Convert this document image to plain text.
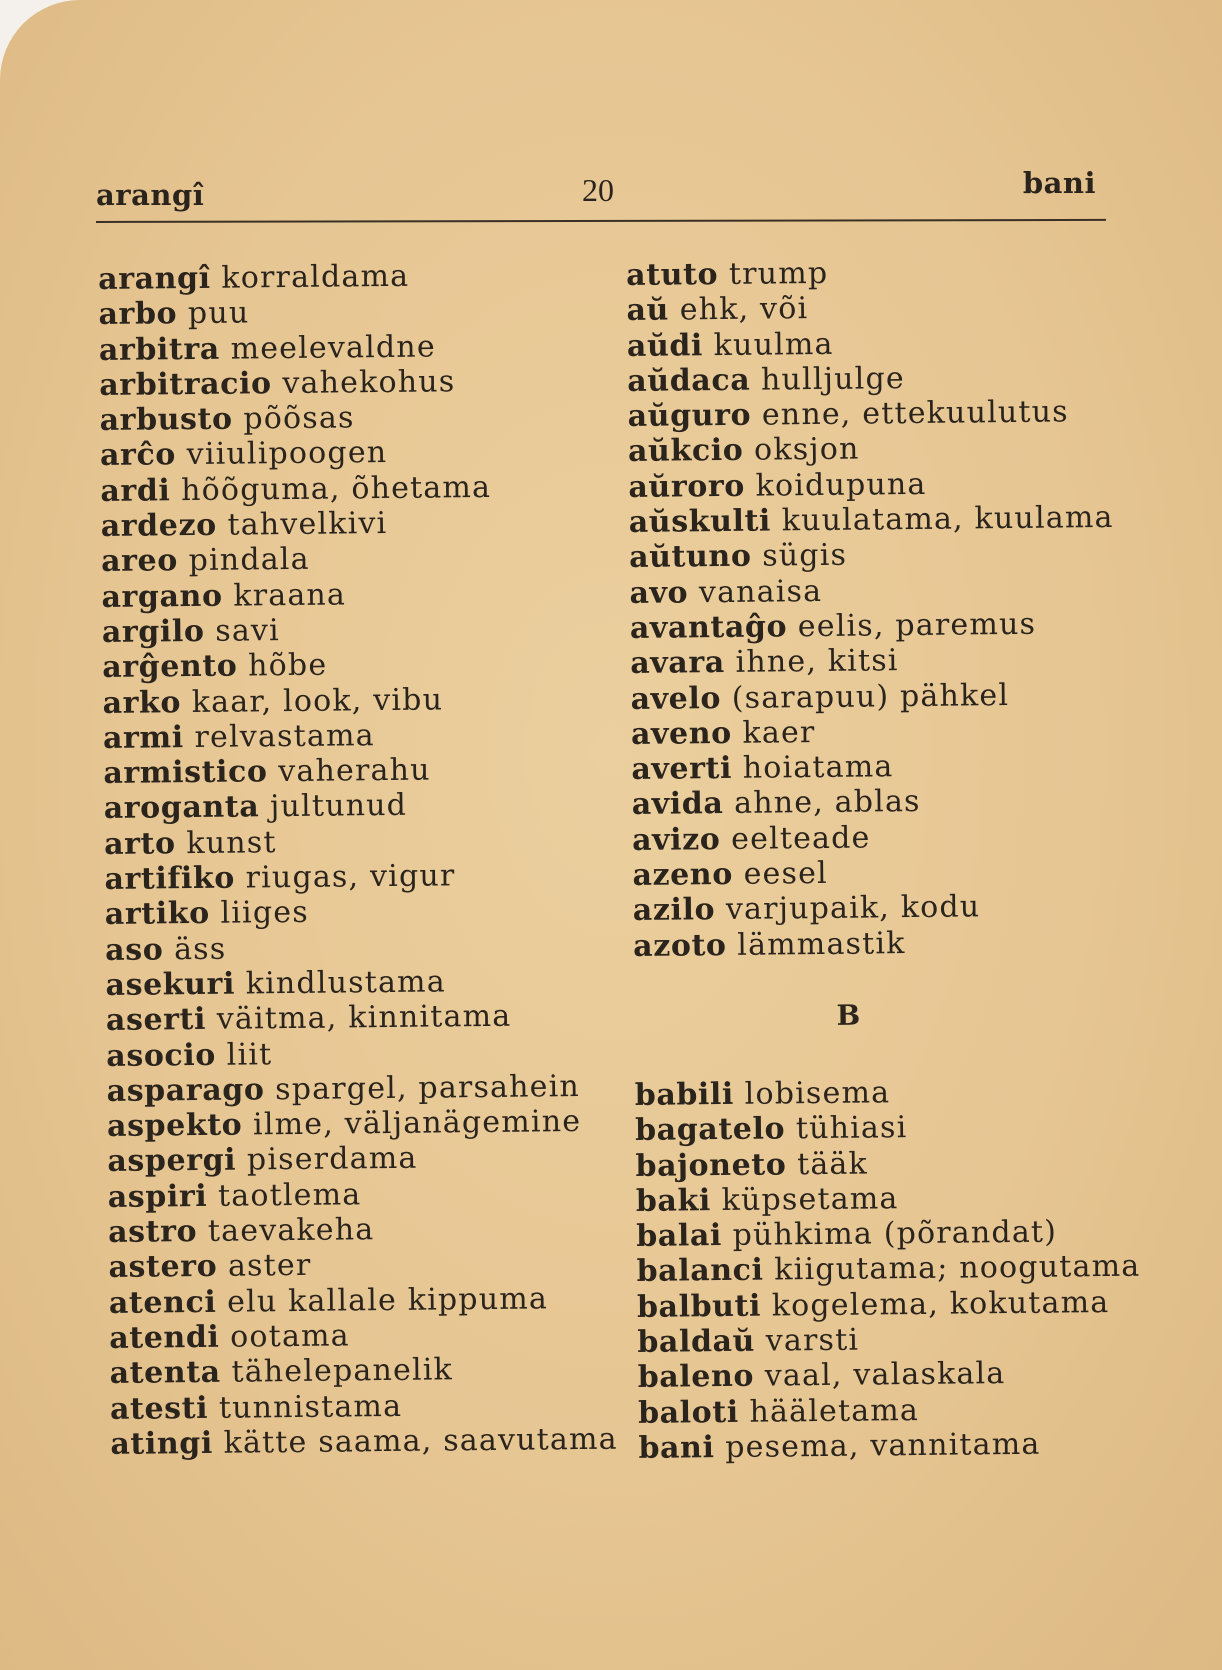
arangî	20	bani
arangî korraldama
arbo puu
arbitra meelevaldne
arbitracio vahekohus
arbusto põõsas
arĉo viiulipoogen
ardi hõõguma, õhetama
ardezo tahvelkivi
areo pindala
argano kraana
argilo savi
arĝento hõbe
arko kaar, look, vibu
armi relvastama
armistico vaherahu
aroganta jultunud
arto kunst
artifiko riugas, vigur
artiko liiges
aso äss
asekuri kindlustama
aserti väitma, kinnitama
asocio liit
asparago spargel, parsahein
aspekto ilme, väljanägemine
aspergi piserdama
aspiri taotlema
astro taevakeha
astero aster
atenci elu kallale kippuma
atendi ootama
atenta tähelepanelik
atesti tunnistama
atingi kätte saama, saavutama
atuto trump
aŭ ehk, või
aŭdi kuulma
aŭdaca hulljulge
aŭguro enne, ettekuulutus
aŭkcio oksjon
aŭroro koidupuna
aŭskulti kuulatama, kuulama
aŭtuno sügis
avo vanaisa
avantaĝo eelis, paremus
avara ihne, kitsi
avelo (sarapuu) pähkel
aveno kaer
averti hoiatama
avida ahne, ablas
avizo eelteade
azeno eesel
azilo varjupaik, kodu
azoto lämmastik
B
babili lobisema
bagatelo tühiasi
bajoneto tääk
baki küpsetama
balai pühkima (põrandat)
balanci kiigutama; noogutama
balbuti kogelema, kokutama
baldaŭ varsti
baleno vaal, valaskala
baloti hääletama
bani pesema, vannitama
